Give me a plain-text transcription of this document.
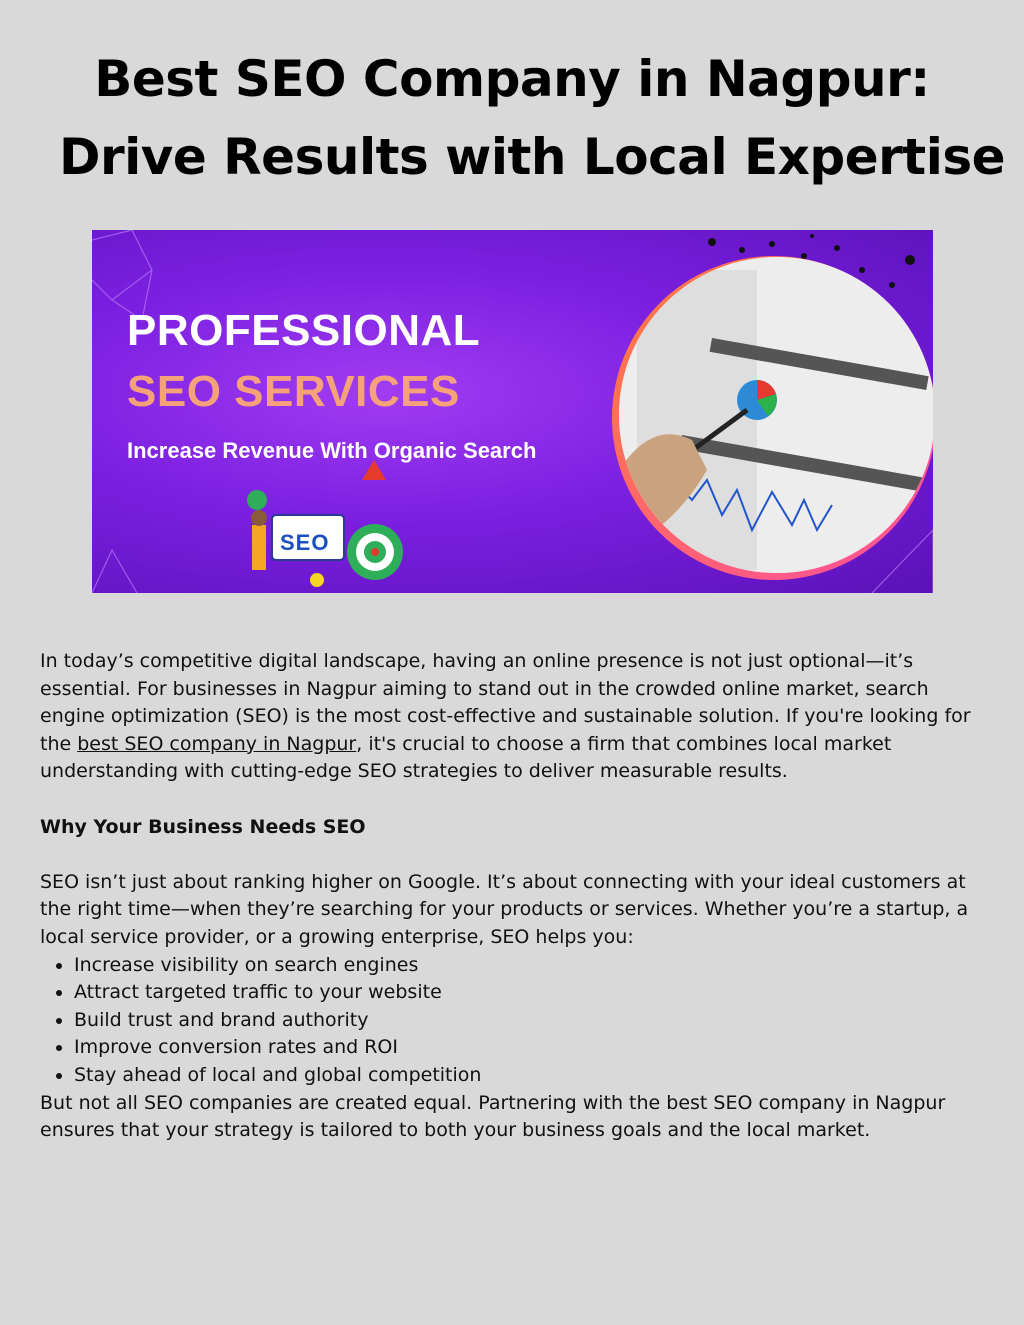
Best SEO Company in Nagpur:
Drive Results with Local Expertise

PROFESSIONAL

SEO SERVICES

Increase Revenue With Organic Search

SEO

In today’s competitive digital landscape, having an online presence is not just optional—it’s essential. For businesses in Nagpur aiming to stand out in the crowded online market, search engine optimization (SEO) is the most cost-effective and sustainable solution. If you're looking for the best SEO company in Nagpur, it's crucial to choose a firm that combines local market understanding with cutting-edge SEO strategies to deliver measurable results.

Why Your Business Needs SEO

SEO isn’t just about ranking higher on Google. It’s about connecting with your ideal customers at the right time—when they’re searching for your products or services. Whether you’re a startup, a local service provider, or a growing enterprise, SEO helps you:

• Increase visibility on search engines
• Attract targeted traffic to your website
• Build trust and brand authority
• Improve conversion rates and ROI
• Stay ahead of local and global competition

But not all SEO companies are created equal. Partnering with the best SEO company in Nagpur ensures that your strategy is tailored to both your business goals and the local market.
